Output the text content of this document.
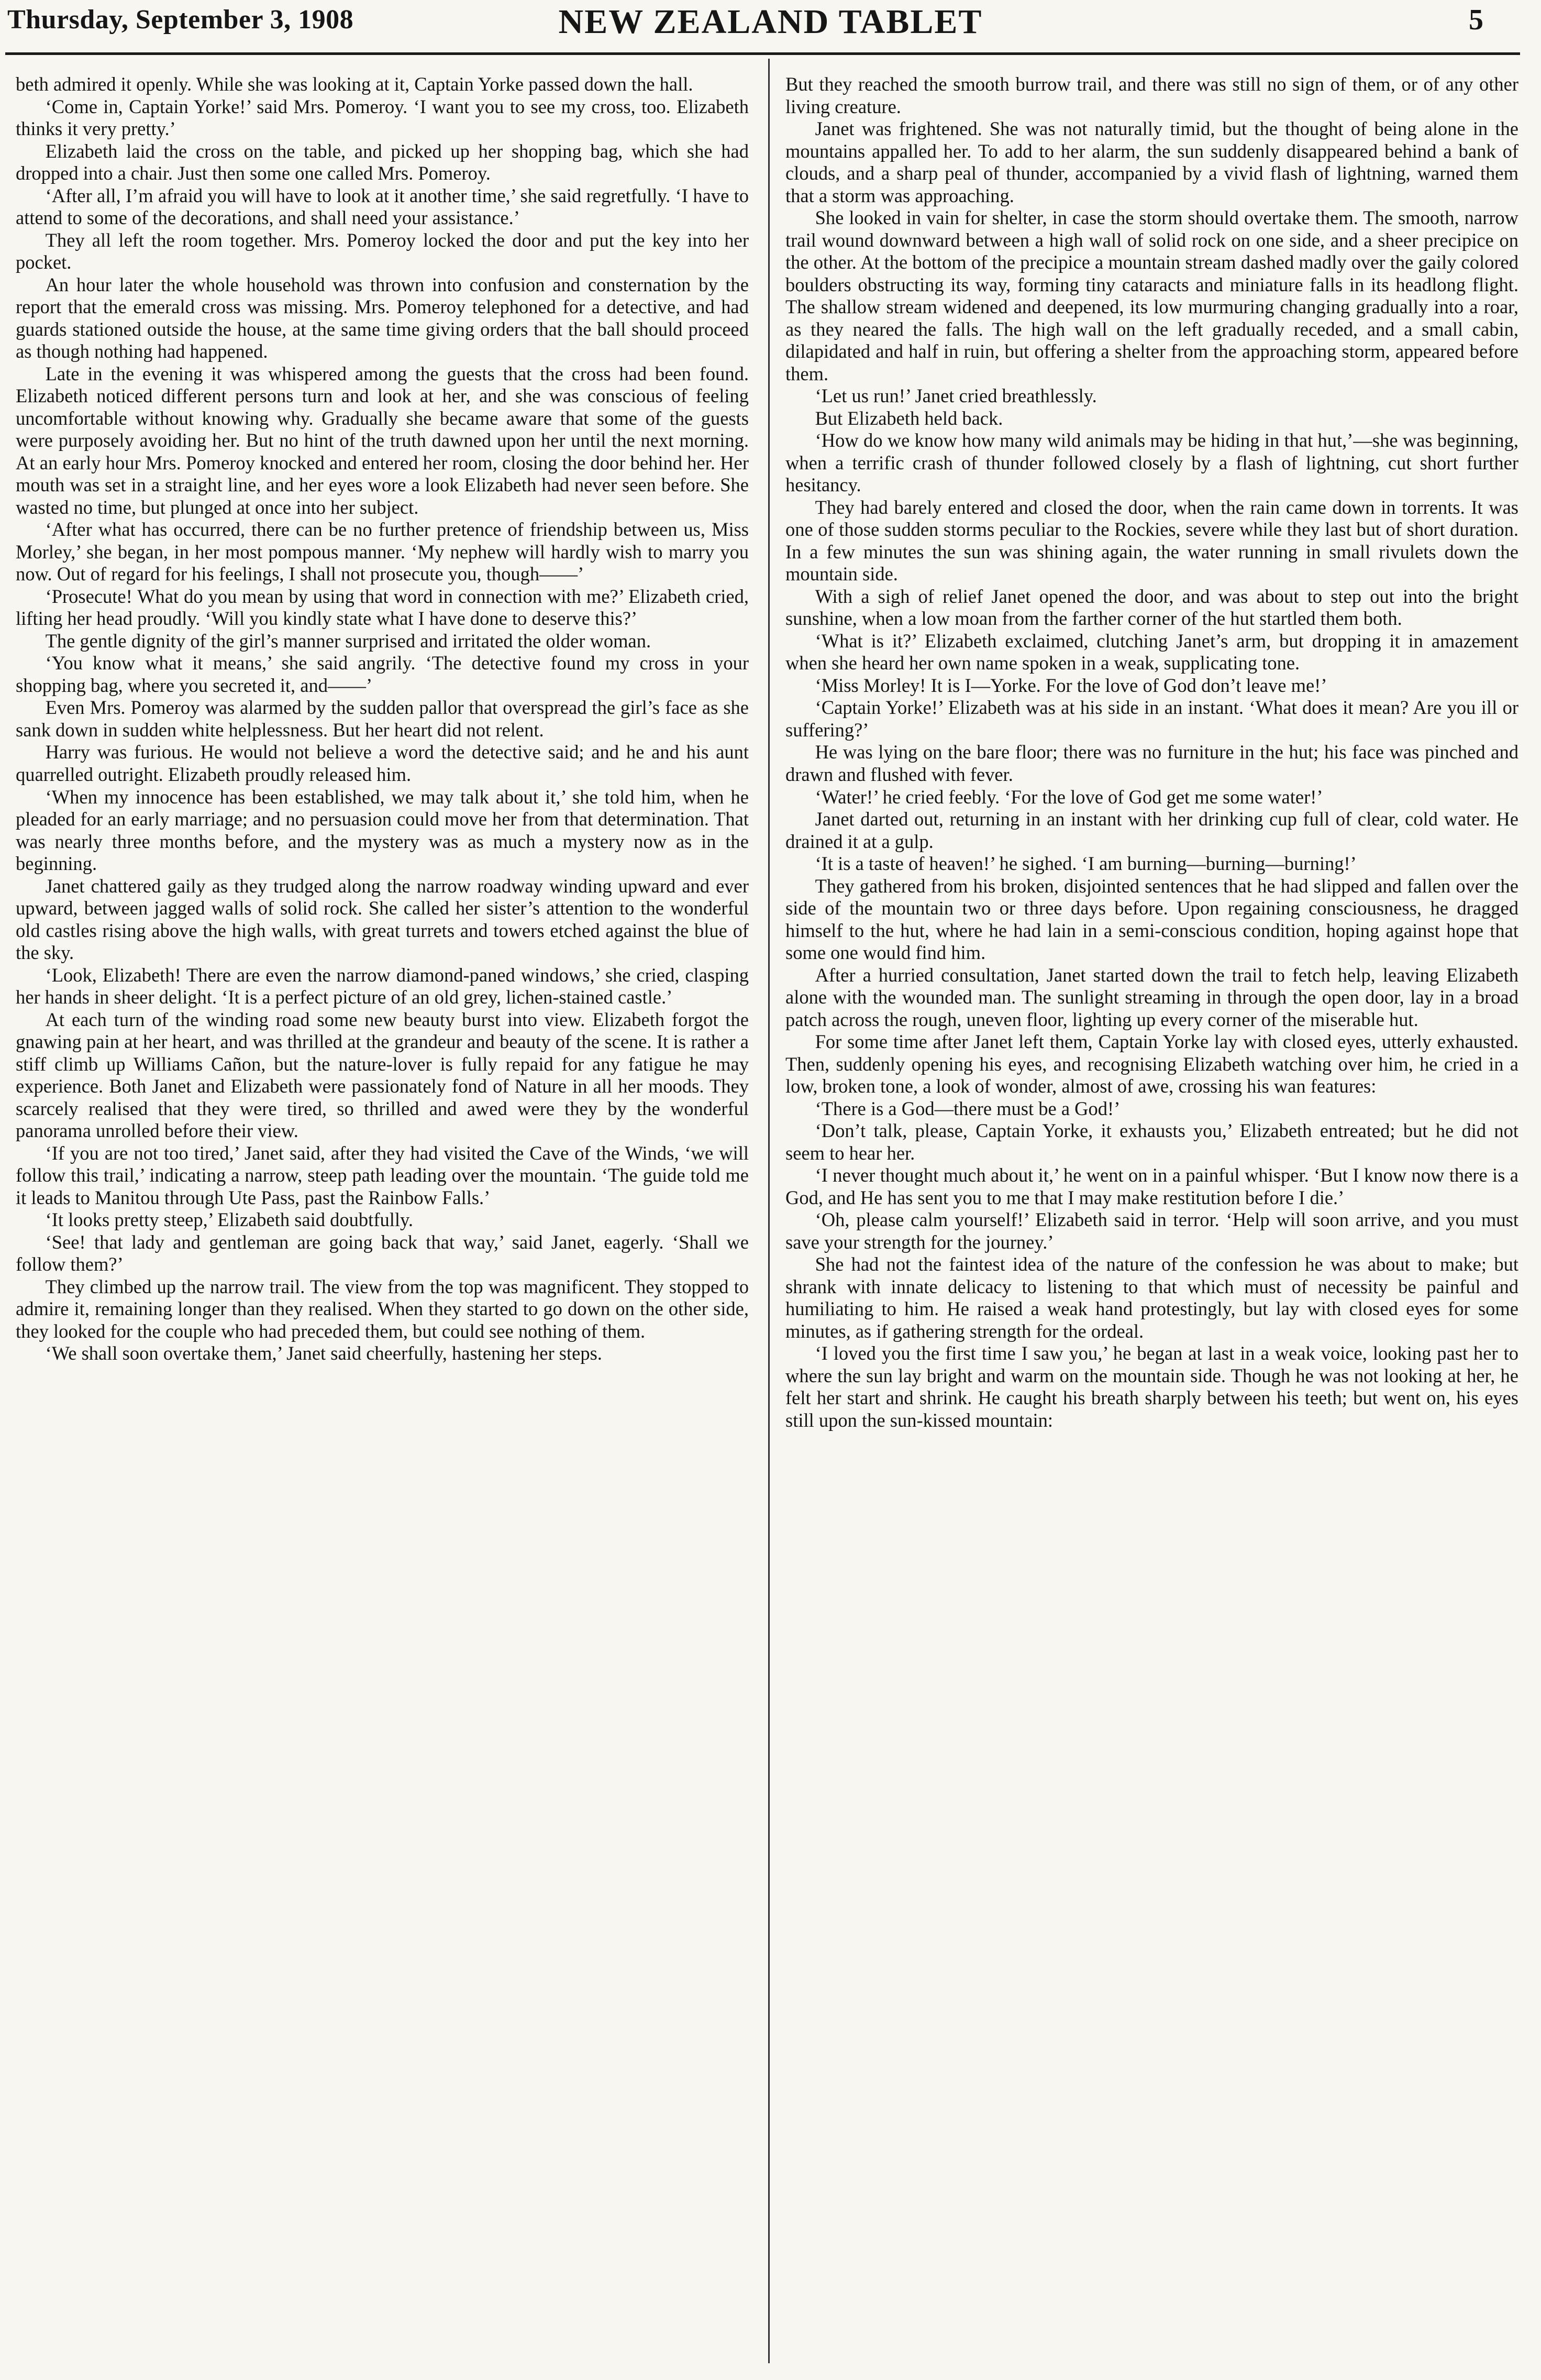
Thursday, September 3, 1908	NEW ZEALAND TABLET	5

beth admired it openly. While she was looking at it, Captain Yorke passed down the hall.

‘Come in, Captain Yorke!’ said Mrs. Pomeroy. ‘I want you to see my cross, too. Elizabeth thinks it very pretty.’

Elizabeth laid the cross on the table, and picked up her shopping bag, which she had dropped into a chair. Just then some one called Mrs. Pomeroy.

‘After all, I’m afraid you will have to look at it another time,’ she said regretfully. ‘I have to attend to some of the decorations, and shall need your assistance.’

They all left the room together. Mrs. Pomeroy locked the door and put the key into her pocket.

An hour later the whole household was thrown into confusion and consternation by the report that the emerald cross was missing. Mrs. Pomeroy telephoned for a detective, and had guards stationed outside the house, at the same time giving orders that the ball should proceed as though nothing had happened.

Late in the evening it was whispered among the guests that the cross had been found. Elizabeth noticed different persons turn and look at her, and she was conscious of feeling uncomfortable without knowing why. Gradually she became aware that some of the guests were purposely avoiding her. But no hint of the truth dawned upon her until the next morning. At an early hour Mrs. Pomeroy knocked and entered her room, closing the door behind her. Her mouth was set in a straight line, and her eyes wore a look Elizabeth had never seen before. She wasted no time, but plunged at once into her subject.

‘After what has occurred, there can be no further pretence of friendship between us, Miss Morley,’ she began, in her most pompous manner. ‘My nephew will hardly wish to marry you now. Out of regard for his feelings, I shall not prosecute you, though——’

‘Prosecute! What do you mean by using that word in connection with me?’ Elizabeth cried, lifting her head proudly. ‘Will you kindly state what I have done to deserve this?’

The gentle dignity of the girl’s manner surprised and irritated the older woman.

‘You know what it means,’ she said angrily. ‘The detective found my cross in your shopping bag, where you secreted it, and——’

Even Mrs. Pomeroy was alarmed by the sudden pallor that overspread the girl’s face as she sank down in sudden white helplessness. But her heart did not relent.

Harry was furious. He would not believe a word the detective said; and he and his aunt quarrelled outright. Elizabeth proudly released him.

‘When my innocence has been established, we may talk about it,’ she told him, when he pleaded for an early marriage; and no persuasion could move her from that determination. That was nearly three months before, and the mystery was as much a mystery now as in the beginning.

Janet chattered gaily as they trudged along the narrow roadway winding upward and ever upward, between jagged walls of solid rock. She called her sister’s attention to the wonderful old castles rising above the high walls, with great turrets and towers etched against the blue of the sky.

‘Look, Elizabeth! There are even the narrow diamond-paned windows,’ she cried, clasping her hands in sheer delight. ‘It is a perfect picture of an old grey, lichen-stained castle.’

At each turn of the winding road some new beauty burst into view. Elizabeth forgot the gnawing pain at her heart, and was thrilled at the grandeur and beauty of the scene. It is rather a stiff climb up Williams Cañon, but the nature-lover is fully repaid for any fatigue he may experience. Both Janet and Elizabeth were passionately fond of Nature in all her moods. They scarcely realised that they were tired, so thrilled and awed were they by the wonderful panorama unrolled before their view.

‘If you are not too tired,’ Janet said, after they had visited the Cave of the Winds, ‘we will follow this trail,’ indicating a narrow, steep path leading over the mountain. ‘The guide told me it leads to Manitou through Ute Pass, past the Rainbow Falls.’

‘It looks pretty steep,’ Elizabeth said doubtfully.

‘See! that lady and gentleman are going back that way,’ said Janet, eagerly. ‘Shall we follow them?’

They climbed up the narrow trail. The view from the top was magnificent. They stopped to admire it, remaining longer than they realised. When they started to go down on the other side, they looked for the couple who had preceded them, but could see nothing of them.

‘We shall soon overtake them,’ Janet said cheerfully, hastening her steps.

But they reached the smooth burrow trail, and there was still no sign of them, or of any other living creature.

Janet was frightened. She was not naturally timid, but the thought of being alone in the mountains appalled her. To add to her alarm, the sun suddenly disappeared behind a bank of clouds, and a sharp peal of thunder, accompanied by a vivid flash of lightning, warned them that a storm was approaching.

She looked in vain for shelter, in case the storm should overtake them. The smooth, narrow trail wound downward between a high wall of solid rock on one side, and a sheer precipice on the other. At the bottom of the precipice a mountain stream dashed madly over the gaily colored boulders obstructing its way, forming tiny cataracts and miniature falls in its headlong flight. The shallow stream widened and deepened, its low murmuring changing gradually into a roar, as they neared the falls. The high wall on the left gradually receded, and a small cabin, dilapidated and half in ruin, but offering a shelter from the approaching storm, appeared before them.

‘Let us run!’ Janet cried breathlessly.

But Elizabeth held back.

‘How do we know how many wild animals may be hiding in that hut,’—she was beginning, when a terrific crash of thunder followed closely by a flash of lightning, cut short further hesitancy.

They had barely entered and closed the door, when the rain came down in torrents. It was one of those sudden storms peculiar to the Rockies, severe while they last but of short duration. In a few minutes the sun was shining again, the water running in small rivulets down the mountain side.

With a sigh of relief Janet opened the door, and was about to step out into the bright sunshine, when a low moan from the farther corner of the hut startled them both.

‘What is it?’ Elizabeth exclaimed, clutching Janet’s arm, but dropping it in amazement when she heard her own name spoken in a weak, supplicating tone.

‘Miss Morley! It is I—Yorke. For the love of God don’t leave me!’

‘Captain Yorke!’ Elizabeth was at his side in an instant. ‘What does it mean? Are you ill or suffering?’

He was lying on the bare floor; there was no furniture in the hut; his face was pinched and drawn and flushed with fever.

‘Water!’ he cried feebly. ‘For the love of God get me some water!’

Janet darted out, returning in an instant with her drinking cup full of clear, cold water. He drained it at a gulp.

‘It is a taste of heaven!’ he sighed. ‘I am burning—burning—burning!’

They gathered from his broken, disjointed sentences that he had slipped and fallen over the side of the mountain two or three days before. Upon regaining consciousness, he dragged himself to the hut, where he had lain in a semi-conscious condition, hoping against hope that some one would find him.

After a hurried consultation, Janet started down the trail to fetch help, leaving Elizabeth alone with the wounded man. The sunlight streaming in through the open door, lay in a broad patch across the rough, uneven floor, lighting up every corner of the miserable hut.

For some time after Janet left them, Captain Yorke lay with closed eyes, utterly exhausted. Then, suddenly opening his eyes, and recognising Elizabeth watching over him, he cried in a low, broken tone, a look of wonder, almost of awe, crossing his wan features:

‘There is a God—there must be a God!’

‘Don’t talk, please, Captain Yorke, it exhausts you,’ Elizabeth entreated; but he did not seem to hear her.

‘I never thought much about it,’ he went on in a painful whisper. ‘But I know now there is a God, and He has sent you to me that I may make restitution before I die.’

‘Oh, please calm yourself!’ Elizabeth said in terror. ‘Help will soon arrive, and you must save your strength for the journey.’

She had not the faintest idea of the nature of the confession he was about to make; but shrank with innate delicacy to listening to that which must of necessity be painful and humiliating to him. He raised a weak hand protestingly, but lay with closed eyes for some minutes, as if gathering strength for the ordeal.

‘I loved you the first time I saw you,’ he began at last in a weak voice, looking past her to where the sun lay bright and warm on the mountain side. Though he was not looking at her, he felt her start and shrink. He caught his breath sharply between his teeth; but went on, his eyes still upon the sun-kissed mountain:
